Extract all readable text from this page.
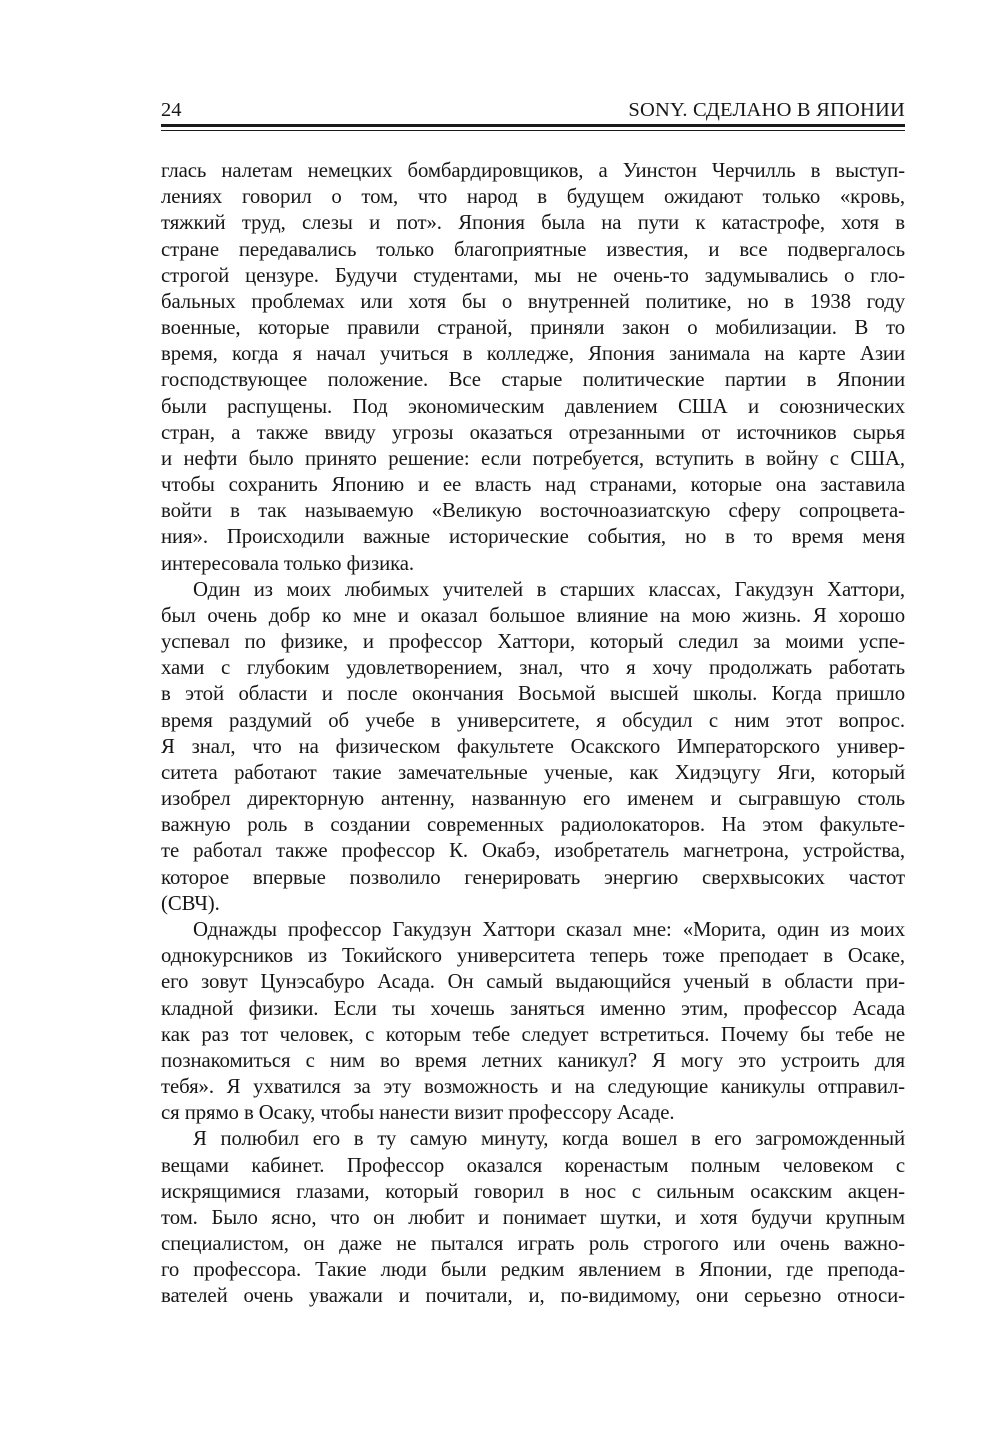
24	SONY. СДЕЛАНО В ЯПОНИИ
глась налетам немецких бомбардировщиков, а Уинстон Черчилль в выступ-
лениях говорил о том, что народ в будущем ожидают только «кровь,
тяжкий труд, слезы и пот». Япония была на пути к катастрофе, хотя в
стране передавались только благоприятные известия, и все подвергалось
строгой цензуре. Будучи студентами, мы не очень-то задумывались о гло-
бальных проблемах или хотя бы о внутренней политике, но в 1938 году
военные, которые правили страной, приняли закон о мобилизации. В то
время, когда я начал учиться в колледже, Япония занимала на карте Азии
господствующее положение. Все старые политические партии в Японии
были распущены. Под экономическим давлением США и союзнических
стран, а также ввиду угрозы оказаться отрезанными от источников сырья
и нефти было принято решение: если потребуется, вступить в войну с США,
чтобы сохранить Японию и ее власть над странами, которые она заставила
войти в так называемую «Великую восточноазиатскую сферу сопроцвета-
ния». Происходили важные исторические события, но в то время меня
интересовала только физика.
Один из моих любимых учителей в старших классах, Гакудзун Хаттори,
был очень добр ко мне и оказал большое влияние на мою жизнь. Я хорошо
успевал по физике, и профессор Хаттори, который следил за моими успе-
хами с глубоким удовлетворением, знал, что я хочу продолжать работать
в этой области и после окончания Восьмой высшей школы. Когда пришло
время раздумий об учебе в университете, я обсудил с ним этот вопрос.
Я знал, что на физическом факультете Осакского Императорского универ-
ситета работают такие замечательные ученые, как Хидэцугу Яги, который
изобрел директорную антенну, названную его именем и сыгравшую столь
важную роль в создании современных радиолокаторов. На этом факульте-
те работал также профессор К. Окабэ, изобретатель магнетрона, устройства,
которое впервые позволило генерировать энергию сверхвысоких частот
(СВЧ).
Однажды профессор Гакудзун Хаттори сказал мне: «Морита, один из моих
однокурсников из Токийского университета теперь тоже преподает в Осаке,
его зовут Цунэсабуро Асада. Он самый выдающийся ученый в области при-
кладной физики. Если ты хочешь заняться именно этим, профессор Асада
как раз тот человек, с которым тебе следует встретиться. Почему бы тебе не
познакомиться с ним во время летних каникул? Я могу это устроить для
тебя». Я ухватился за эту возможность и на следующие каникулы отправил-
ся прямо в Осаку, чтобы нанести визит профессору Асаде.
Я полюбил его в ту самую минуту, когда вошел в его загроможденный
вещами кабинет. Профессор оказался коренастым полным человеком с
искрящимися глазами, который говорил в нос с сильным осакским акцен-
том. Было ясно, что он любит и понимает шутки, и хотя будучи крупным
специалистом, он даже не пытался играть роль строгого или очень важно-
го профессора. Такие люди были редким явлением в Японии, где препода-
вателей очень уважали и почитали, и, по-видимому, они серьезно относи-
